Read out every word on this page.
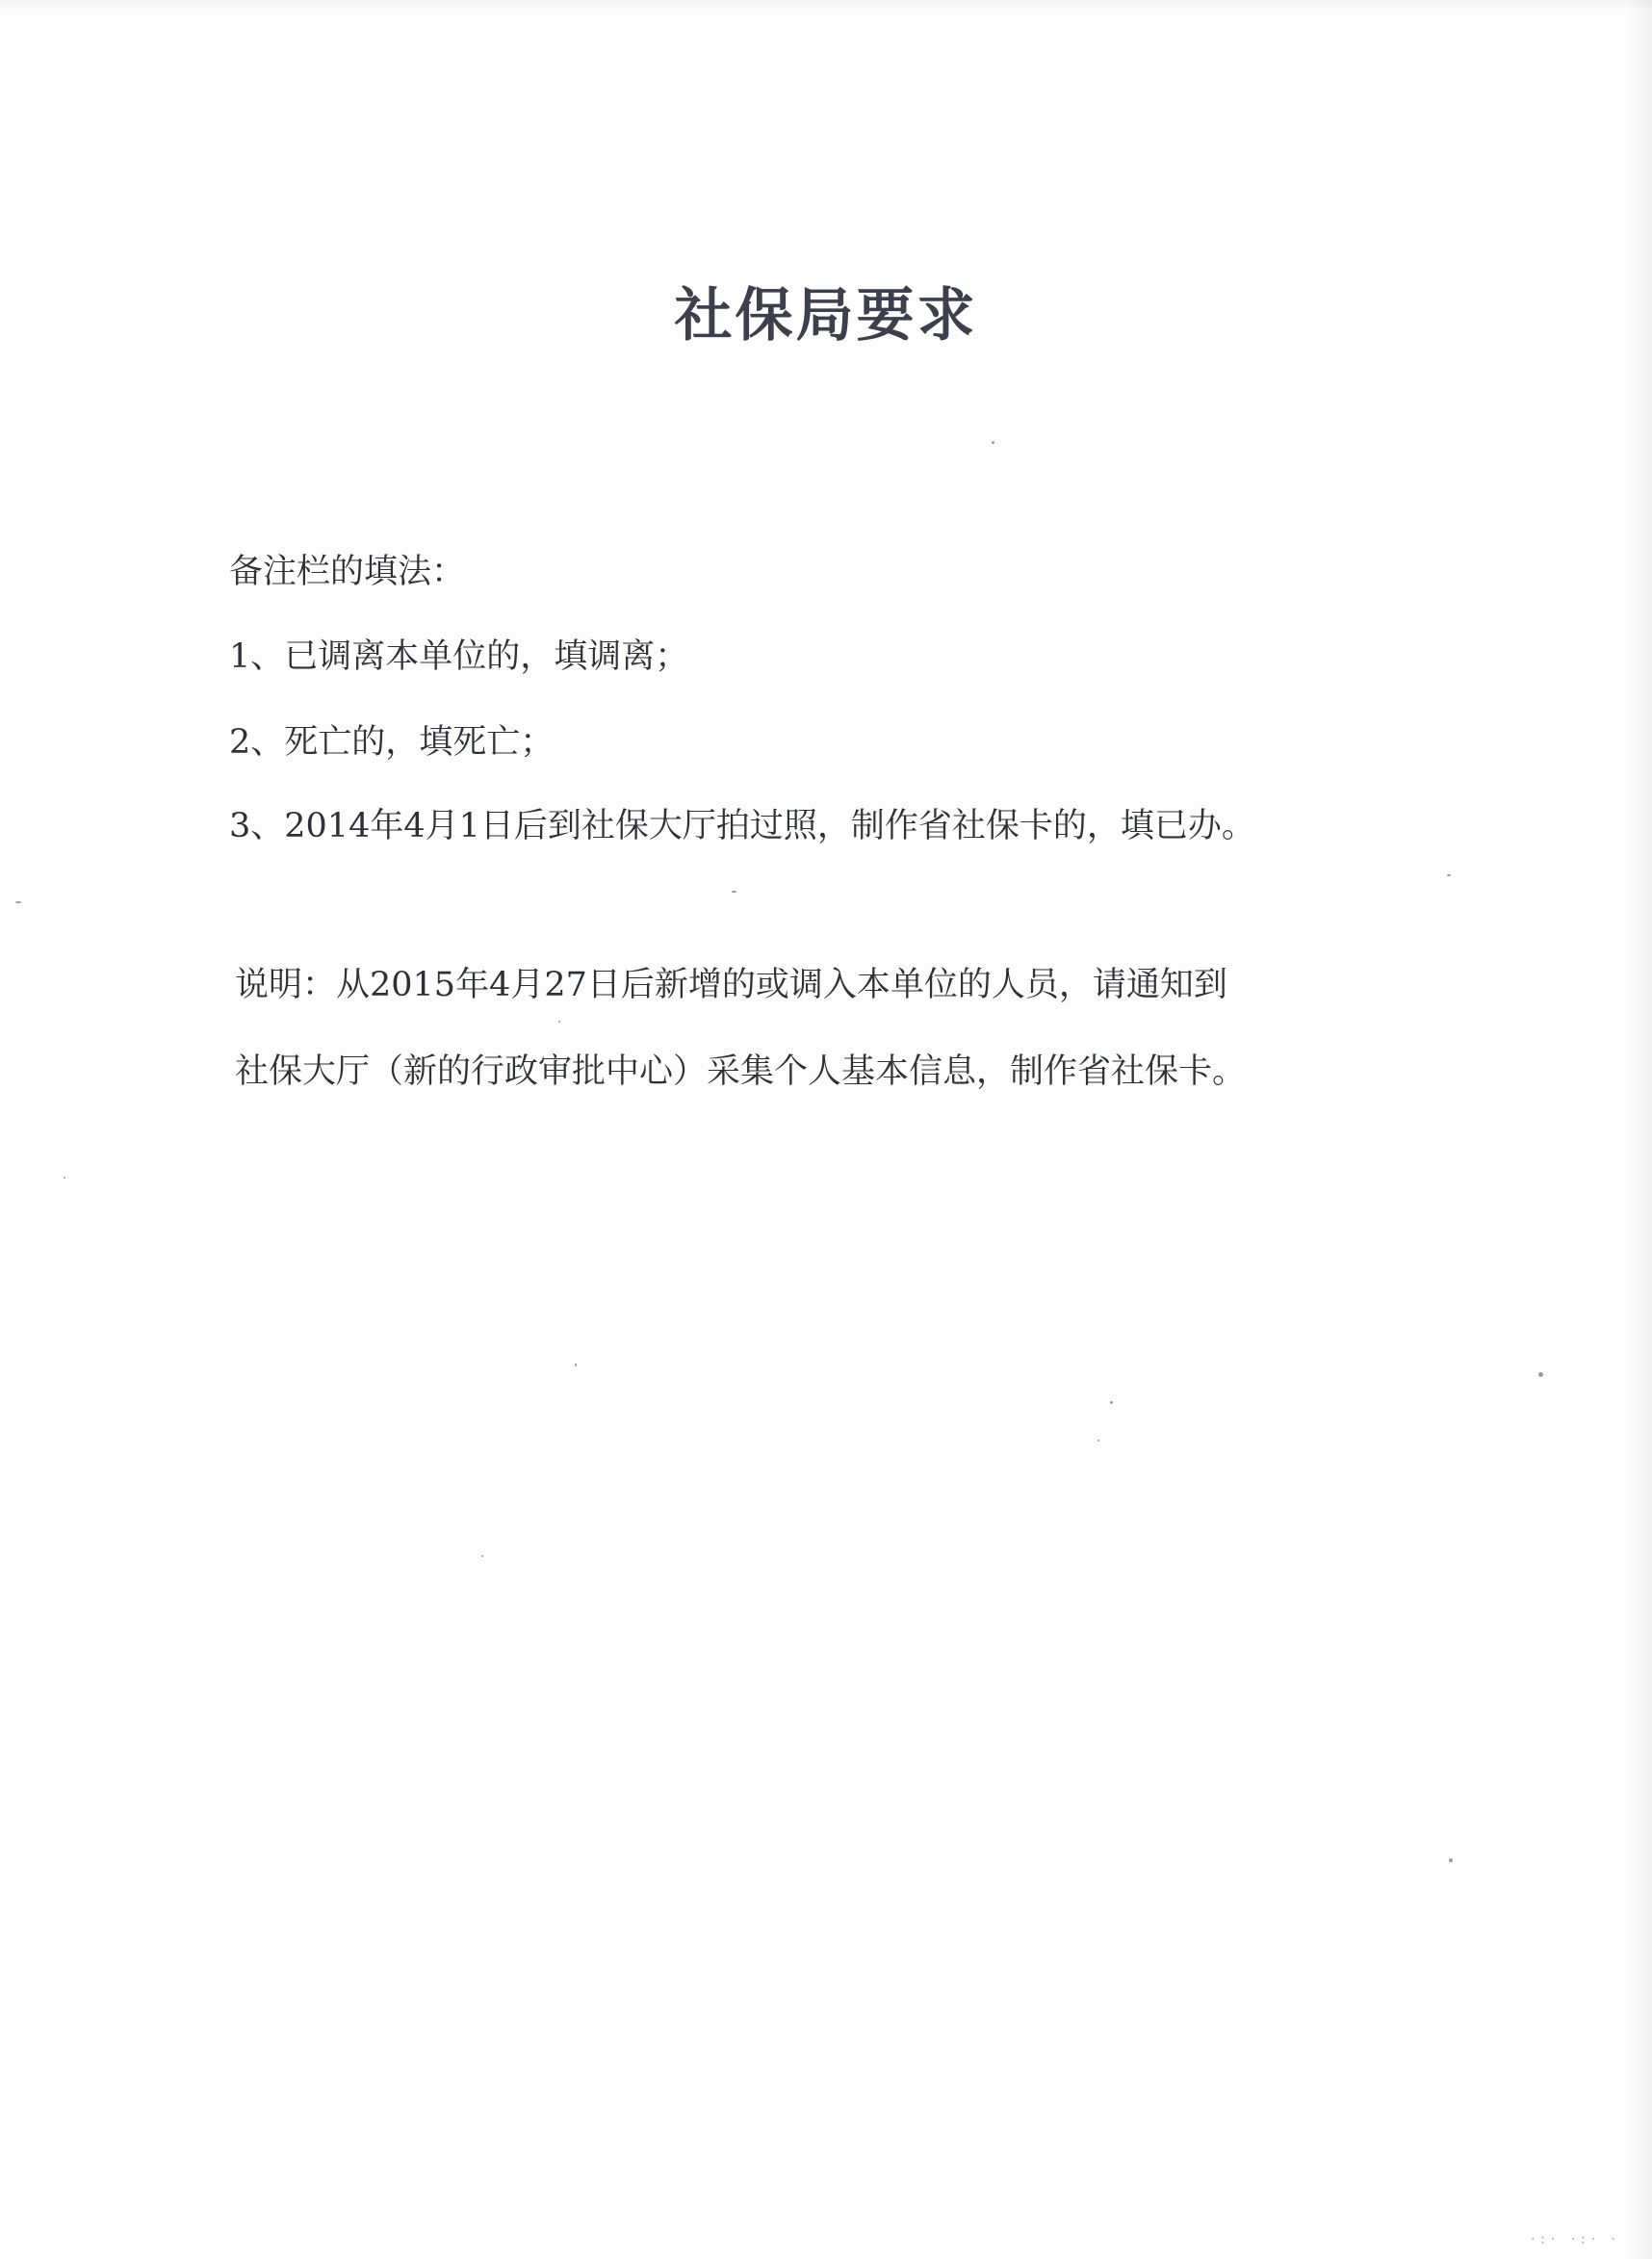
社保局要求
备注栏的填法：
1、已调离本单位的，填调离；
2、死亡的，填死亡；
3、2014年4月1日后到社保大厅拍过照，制作省社保卡的，填已办。
说明：从2015年4月27日后新增的或调入本单位的人员，请通知到
社保大厅（新的行政审批中心）采集个人基本信息，制作省社保卡。
·:· ·:· ·
